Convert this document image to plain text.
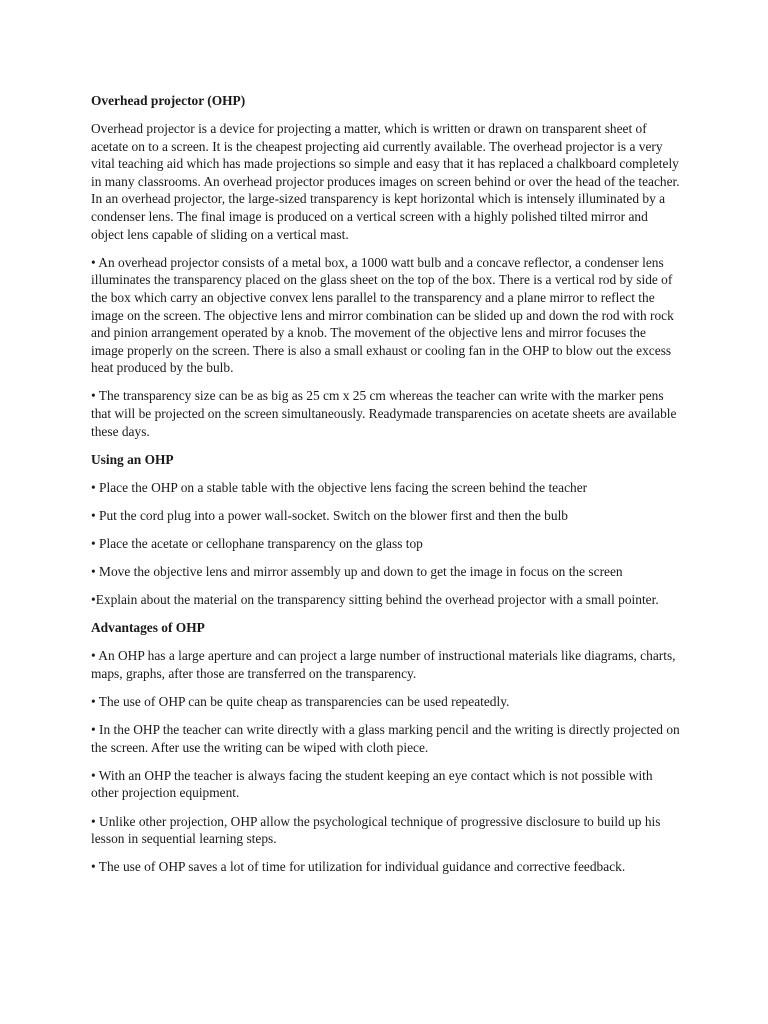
Overhead projector (OHP)

Overhead projector is a device for projecting a matter, which is written or drawn on transparent sheet of acetate on to a screen. It is the cheapest projecting aid currently available. The overhead projector is a very vital teaching aid which has made projections so simple and easy that it has replaced a chalkboard completely in many classrooms. An overhead projector produces images on screen behind or over the head of the teacher. In an overhead projector, the large-sized transparency is kept horizontal which is intensely illuminated by a condenser lens. The final image is produced on a vertical screen with a highly polished tilted mirror and object lens capable of sliding on a vertical mast.

• An overhead projector consists of a metal box, a 1000 watt bulb and a concave reflector, a condenser lens illuminates the transparency placed on the glass sheet on the top of the box. There is a vertical rod by side of the box which carry an objective convex lens parallel to the transparency and a plane mirror to reflect the image on the screen. The objective lens and mirror combination can be slided up and down the rod with rock and pinion arrangement operated by a knob. The movement of the objective lens and mirror focuses the image properly on the screen. There is also a small exhaust or cooling fan in the OHP to blow out the excess heat produced by the bulb.

• The transparency size can be as big as 25 cm x 25 cm whereas the teacher can write with the marker pens that will be projected on the screen simultaneously. Readymade transparencies on acetate sheets are available these days.

Using an OHP

• Place the OHP on a stable table with the objective lens facing the screen behind the teacher

• Put the cord plug into a power wall-socket. Switch on the blower first and then the bulb

• Place the acetate or cellophane transparency on the glass top

• Move the objective lens and mirror assembly up and down to get the image in focus on the screen

•Explain about the material on the transparency sitting behind the overhead projector with a small pointer.

Advantages of OHP

• An OHP has a large aperture and can project a large number of instructional materials like diagrams, charts, maps, graphs, after those are transferred on the transparency.

• The use of OHP can be quite cheap as transparencies can be used repeatedly.

• In the OHP the teacher can write directly with a glass marking pencil and the writing is directly projected on the screen. After use the writing can be wiped with cloth piece.

• With an OHP the teacher is always facing the student keeping an eye contact which is not possible with other projection equipment.

• Unlike other projection, OHP allow the psychological technique of progressive disclosure to build up his lesson in sequential learning steps.

• The use of OHP saves a lot of time for utilization for individual guidance and corrective feedback.
